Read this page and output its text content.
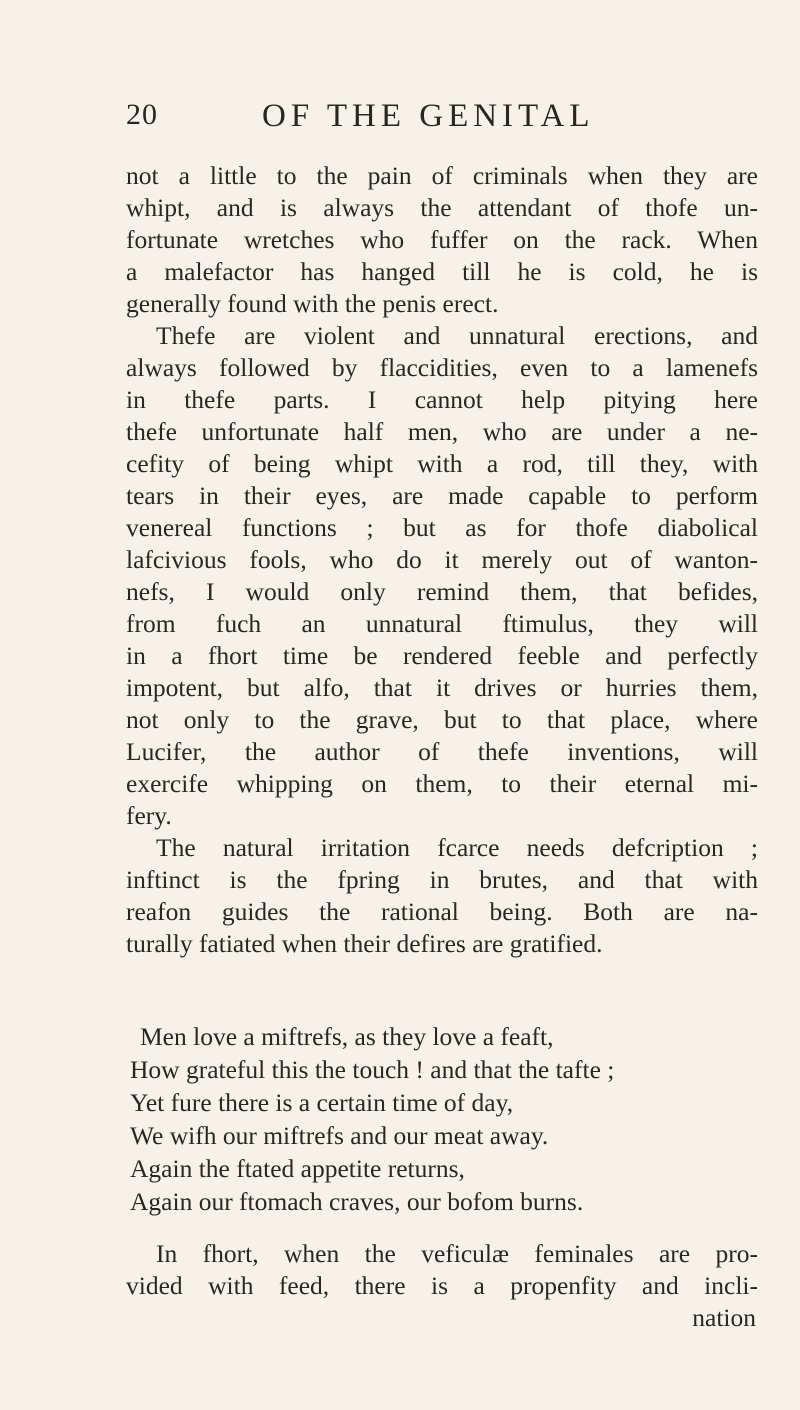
20	OF THE GENITAL
not a little to the pain of criminals when they are
whipt, and is always the attendant of thofe un-
fortunate wretches who fuffer on the rack. When
a malefactor has hanged till he is cold, he is
generally found with the penis erect.
Thefe are violent and unnatural erections, and
always followed by flaccidities, even to a lamenefs
in thefe parts. I cannot help pitying here
thefe unfortunate half men, who are under a ne-
cefity of being whipt with a rod, till they, with
tears in their eyes, are made capable to perform
venereal functions ; but as for thofe diabolical
lafcivious fools, who do it merely out of wanton-
nefs, I would only remind them, that befides,
from fuch an unnatural ftimulus, they will
in a fhort time be rendered feeble and perfectly
impotent, but alfo, that it drives or hurries them,
not only to the grave, but to that place, where
Lucifer, the author of thefe inventions, will
exercife whipping on them, to their eternal mi-
fery.
The natural irritation fcarce needs defcription ;
inftinct is the fpring in brutes, and that with
reafon guides the rational being. Both are na-
turally fatiated when their defires are gratified.
Men love a miftrefs, as they love a feaft,
How grateful this the touch ! and that the tafte ;
Yet fure there is a certain time of day,
We wifh our miftrefs and our meat away.
Again the ftated appetite returns,
Again our ftomach craves, our bofom burns.
In fhort, when the veficulæ feminales are pro-
vided with feed, there is a propenfity and incli-
nation
